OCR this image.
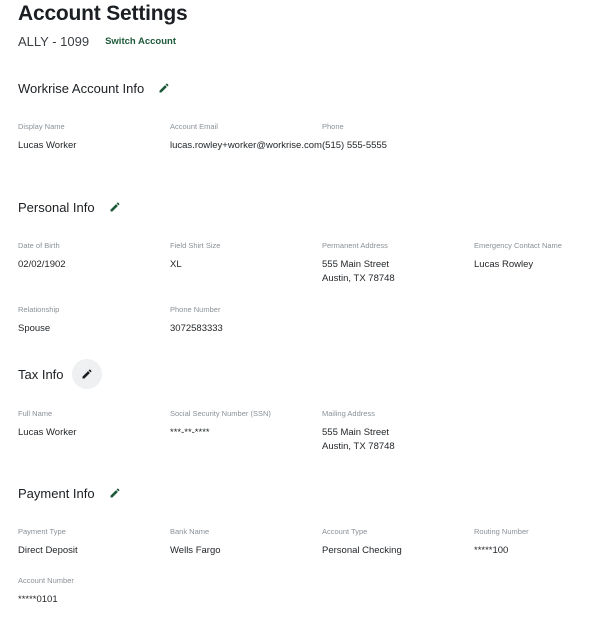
Account Settings
ALLY - 1099 Switch Account
Workrise Account Info
Display Name
Lucas Worker
Account Email
lucas.rowley+worker@workrise.com
Phone
(515) 555-5555
Personal Info
Date of Birth
02/02/1902
Field Shirt Size
XL
Permanent Address
555 Main Street
Austin, TX 78748
Emergency Contact Name
Lucas Rowley
Relationship
Spouse
Phone Number
3072583333
Tax Info
Full Name
Lucas Worker
Social Security Number (SSN)
***-**-****
Mailing Address
555 Main Street
Austin, TX 78748
Payment Info
Payment Type
Direct Deposit
Bank Name
Wells Fargo
Account Type
Personal Checking
Routing Number
*****100
Account Number
*****0101
